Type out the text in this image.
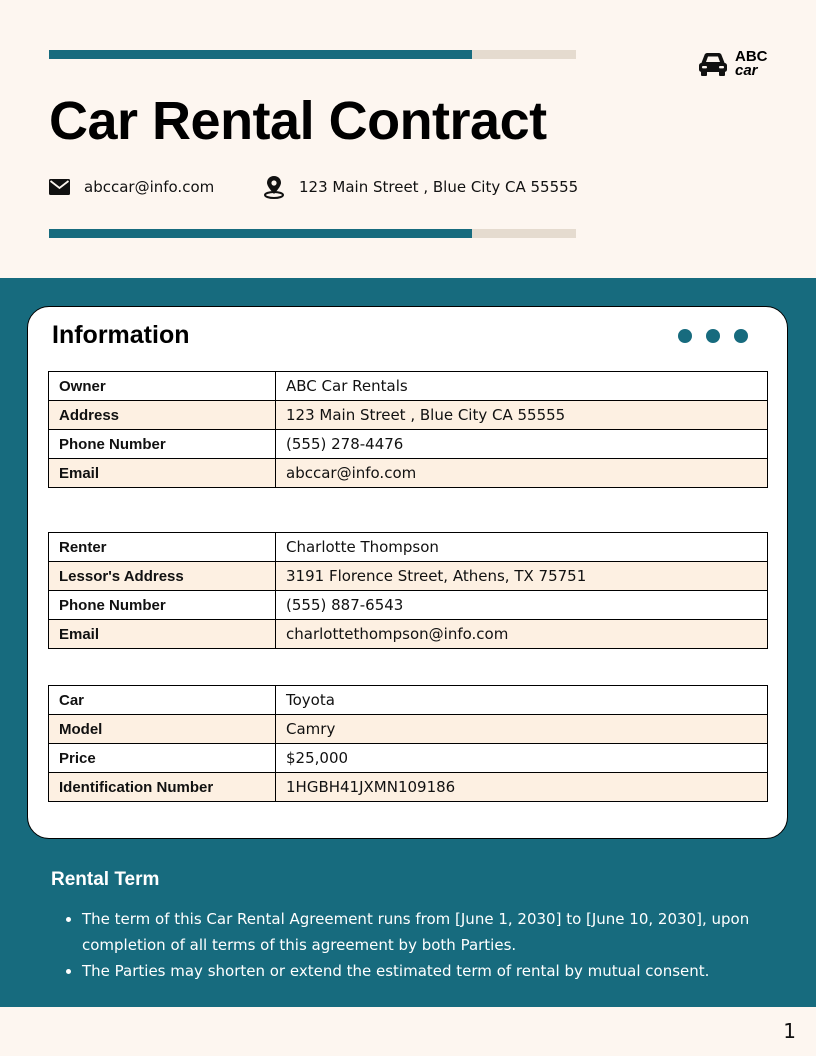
Car Rental Contract
abccar@info.com	123 Main Street , Blue City CA 55555
ABC
car
Information
Owner	ABC Car Rentals
Address	123 Main Street , Blue City CA 55555
Phone Number	(555) 278-4476
Email	abccar@info.com
Renter	Charlotte Thompson
Lessor's Address	3191 Florence Street, Athens, TX 75751
Phone Number	(555) 887-6543
Email	charlottethompson@info.com
Car	Toyota
Model	Camry
Price	$25,000
Identification Number	1HGBH41JXMN109186
Rental Term
• The term of this Car Rental Agreement runs from [June 1, 2030] to [June 10, 2030], upon completion of all terms of this agreement by both Parties.
• The Parties may shorten or extend the estimated term of rental by mutual consent.
1
